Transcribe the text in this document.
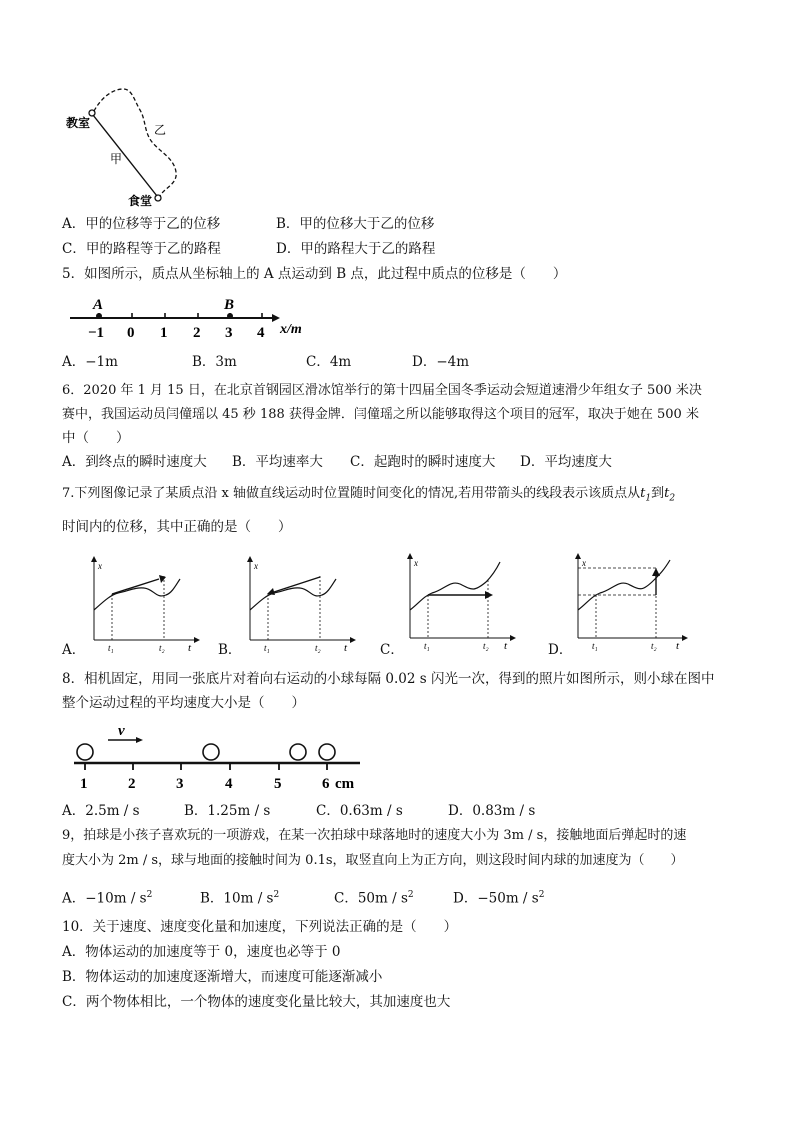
教室
食堂
甲
乙
A．甲的位移等于乙的位移	B．甲的位移大于乙的位移
C．甲的路程等于乙的路程	D．甲的路程大于乙的路程
5．如图所示，质点从坐标轴上的 A 点运动到 B 点，此过程中质点的位移是（　　）
A	B
−1 0 1 2 3 4 x/m
A．−1m	B．3m	C．4m	D．−4m
6．2020 年 1 月 15 日，在北京首钢园区滑冰馆举行的第十四届全国冬季运动会短道速滑少年组女子 500 米决
赛中，我国运动员闫僮瑶以 45 秒 188 获得金牌．闫僮瑶之所以能够取得这个项目的冠军，取决于她在 500 米
中（　　）
A．到终点的瞬时速度大 B．平均速率大 C．起跑时的瞬时速度大 D．平均速度大
7.下列图像记录了某质点沿 x 轴做直线运动时位置随时间变化的情况,若用带箭头的线段表示该质点从$t_1$到$t_2$
时间内的位移，其中正确的是（　　）
x
t
t₁	t₂
A．
x
t
t₁	t₂
B．
x
t
t₁	t₂
C．
x
t
t₁	t₂
D．
8．相机固定，用同一张底片对着向右运动的小球每隔 0.02 s 闪光一次，得到的照片如图所示，则小球在图中
整个运动过程的平均速度大小是（　　）
v
1	2	3	4	5	6 cm
A．2.5m / s	B．1.25m / s	C．0.63m / s	D．0.83m / s
9，拍球是小孩子喜欢玩的一项游戏，在某一次拍球中球落地时的速度大小为 3m / s，接触地面后弹起时的速
度大小为 2m / s，球与地面的接触时间为 0.1s，取竖直向上为正方向，则这段时间内球的加速度为（　　）
A．$-10m / s^2$	B．$10m / s^2$	C．$50m / s^2$	D．$-50m / s^2$
10．关于速度、速度变化量和加速度，下列说法正确的是（　　）
A．物体运动的加速度等于 0，速度也必等于 0
B．物体运动的加速度逐渐增大，而速度可能逐渐减小
C．两个物体相比，一个物体的速度变化量比较大，其加速度也大
